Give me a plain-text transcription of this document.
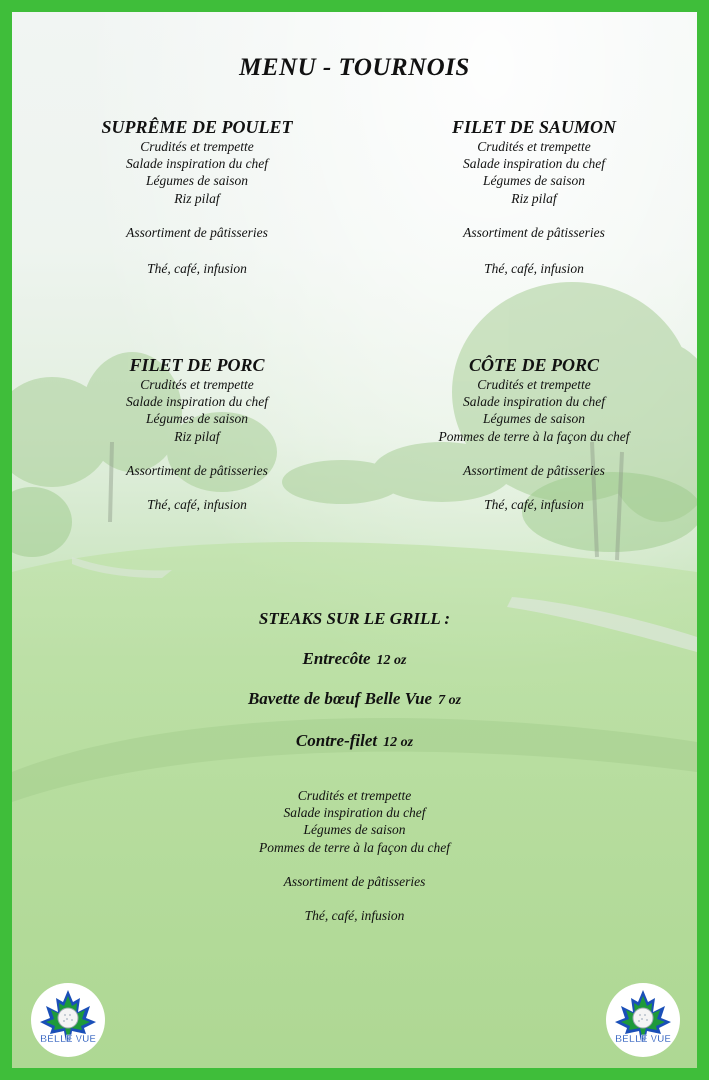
MENU - TOURNOIS
SUPRÊME DE POULET
Crudités et trempette
Salade inspiration du chef
Légumes de saison
Riz pilaf
Assortiment de pâtisseries
Thé, café, infusion
FILET DE SAUMON
Crudités et trempette
Salade inspiration du chef
Légumes de saison
Riz pilaf
Assortiment de pâtisseries
Thé, café, infusion
FILET DE PORC
Crudités et trempette
Salade inspiration du chef
Légumes de saison
Riz pilaf
Assortiment de pâtisseries
Thé, café, infusion
CÔTE DE PORC
Crudités et trempette
Salade inspiration du chef
Légumes de saison
Pommes de terre à la façon du chef
Assortiment de pâtisseries
Thé, café, infusion
STEAKS SUR LE GRILL :
Entrecôte 12 oz
Bavette de bœuf Belle Vue 7 oz
Contre-filet 12 oz
Crudités et trempette
Salade inspiration du chef
Légumes de saison
Pommes de terre à la façon du chef
Assortiment de pâtisseries
Thé, café, infusion
BELLE VUE	BELLE VUE
